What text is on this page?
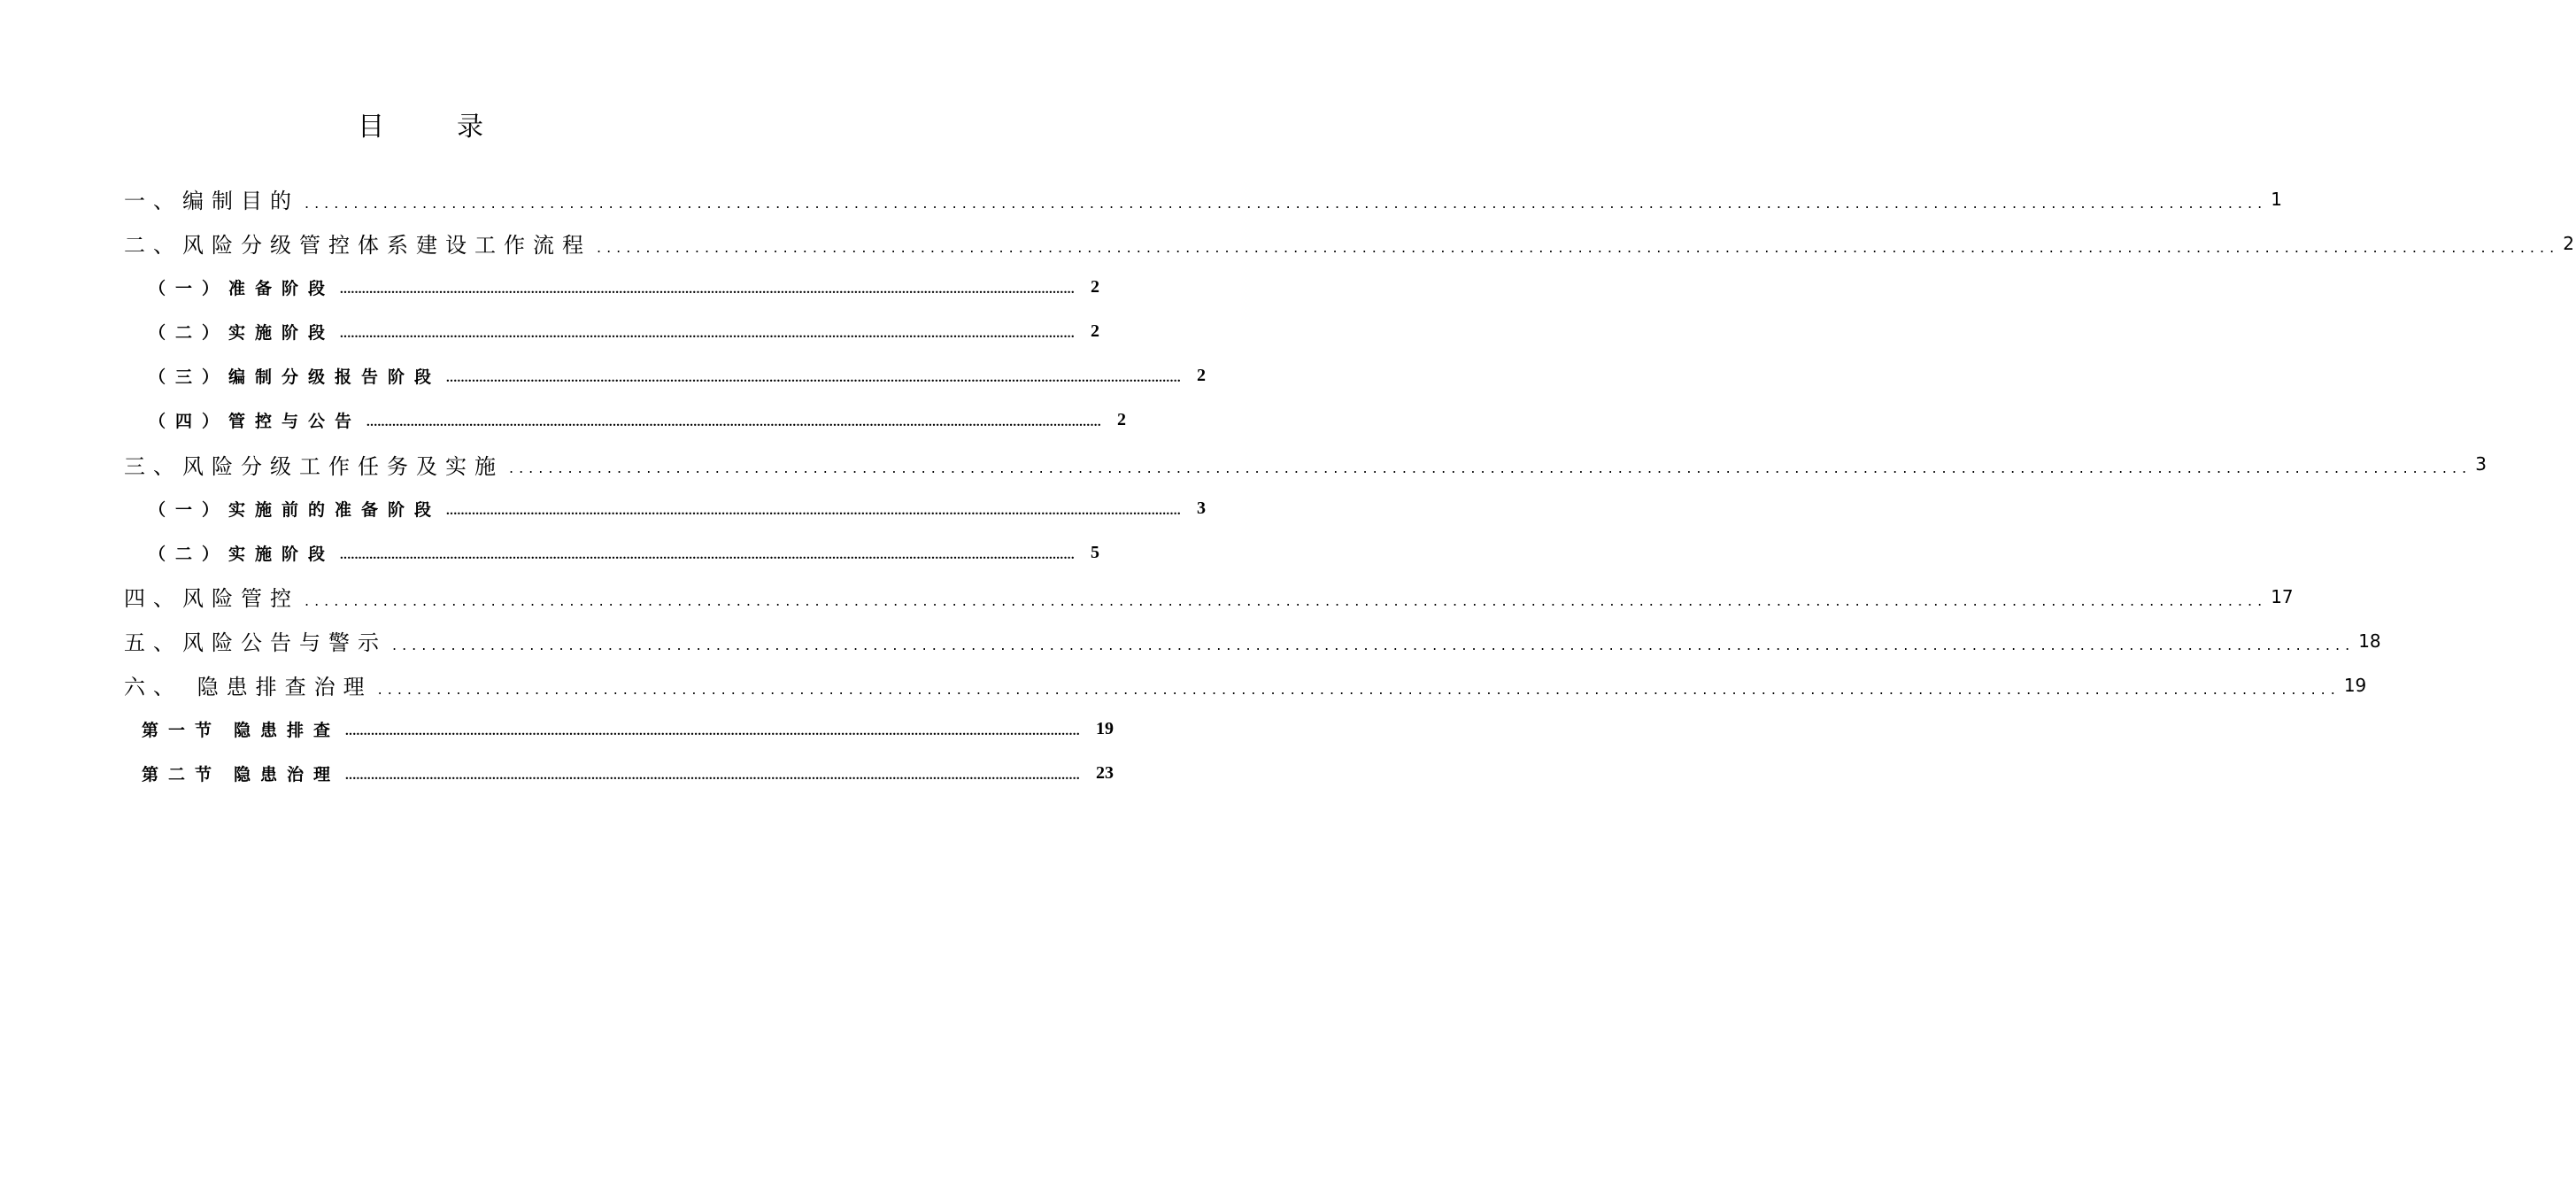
目录
一、编制目的 ........................................................................................................................................................................................................ 1
二、风险分级管控体系建设工作流程 ........................................................................................................................................................................................................ 2
（一）准备阶段 ........................................................................................................................................................................................................ 2
（二）实施阶段 ........................................................................................................................................................................................................ 2
（三）编制分级报告阶段 ........................................................................................................................................................................................................ 2
（四）管控与公告 ........................................................................................................................................................................................................ 2
三、风险分级工作任务及实施 ........................................................................................................................................................................................................ 3
（一）实施前的准备阶段 ........................................................................................................................................................................................................ 3
（二）实施阶段 ........................................................................................................................................................................................................ 5
四、风险管控 ........................................................................................................................................................................................................ 17
五、风险公告与警示 ........................................................................................................................................................................................................ 18
六、 隐患排查治理 ........................................................................................................................................................................................................ 19
第一节 隐患排查 ........................................................................................................................................................................................................ 19
第二节 隐患治理 ........................................................................................................................................................................................................ 23
